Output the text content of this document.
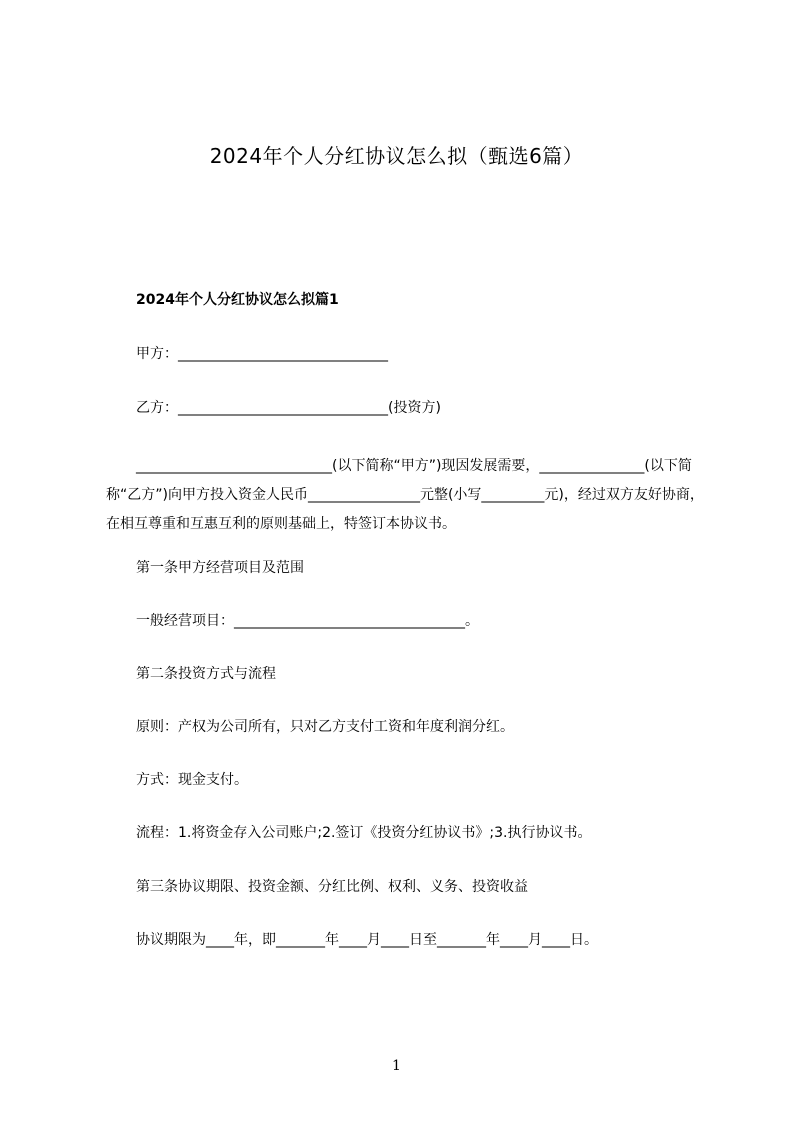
2024年个人分红协议怎么拟（甄选6篇）
2024年个人分红协议怎么拟篇1
甲方：______________________________
乙方：______________________________(投资方)
____________________________(以下简称“甲方”)现因发展需要，_______________(以下简称“乙方”)向甲方投入资金人民币________________元整(小写_________元)，经过双方友好协商，在相互尊重和互惠互利的原则基础上，特签订本协议书。
第一条甲方经营项目及范围
一般经营项目：_________________________________。
第二条投资方式与流程
原则：产权为公司所有，只对乙方支付工资和年度利润分红。
方式：现金支付。
流程：1.将资金存入公司账户;2.签订《投资分红协议书》;3.执行协议书。
第三条协议期限、投资金额、分红比例、权利、义务、投资收益
协议期限为____年，即_______年____月____日至_______年____月____日。
1
